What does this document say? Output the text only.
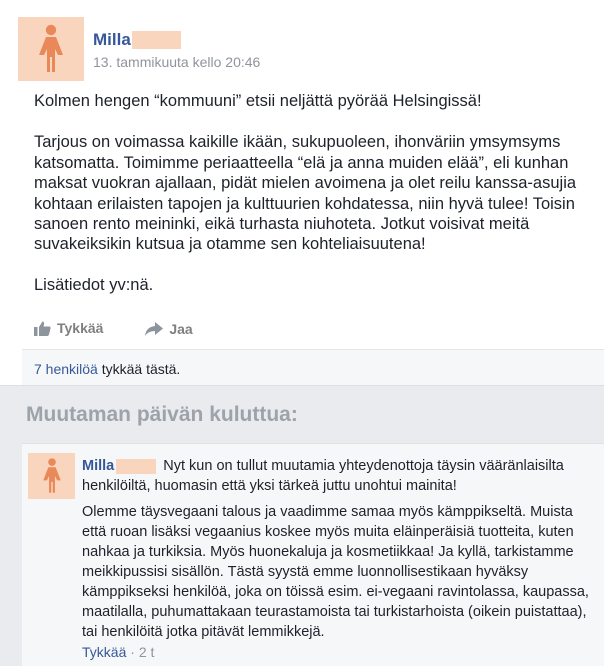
Milla
13. tammikuuta kello 20:46

Kolmen hengen “kommuuni” etsii neljättä pyörää Helsingissä!

Tarjous on voimassa kaikille ikään, sukupuoleen, ihonväriin ymsymsyms katsomatta. Toimimme periaatteella “elä ja anna muiden elää”, eli kunhan maksat vuokran ajallaan, pidät mielen avoimena ja olet reilu kanssa-asujia kohtaan erilaisten tapojen ja kulttuurien kohdatessa, niin hyvä tulee! Toisin sanoen rento meininki, eikä turhasta niuhoteta. Jotkut voisivat meitä suvakeiksikin kutsua ja otamme sen kohteliaisuutena!

Lisätiedot yv:nä.

Tykkää
	Jaa
7 henkilöä tykkää tästä.
Muutaman päivän kuluttua:
Milla	Nyt kun on tullut muutamia yhteydenottoja täysin vääränlaisilta henkilöiltä, huomasin että yksi tärkeä juttu unohtui mainita!
Olemme täysvegaani talous ja vaadimme samaa myös kämppikseltä. Muista että ruoan lisäksi vegaanius koskee myös muita eläinperäisiä tuotteita, kuten nahkaa ja turkiksia. Myös huonekaluja ja kosmetiikkaa! Ja kyllä, tarkistamme meikkipussisi sisällön. Tästä syystä emme luonnollisestikaan hyväksy kämppikseksi henkilöä, joka on töissä esim. ei-vegaani ravintolassa, kaupassa, maatilalla, puhumattakaan teurastamoista tai turkistarhoista (oikein puistattaa), tai henkilöitä jotka pitävät lemmikkejä.
Tykkää · 2 t
